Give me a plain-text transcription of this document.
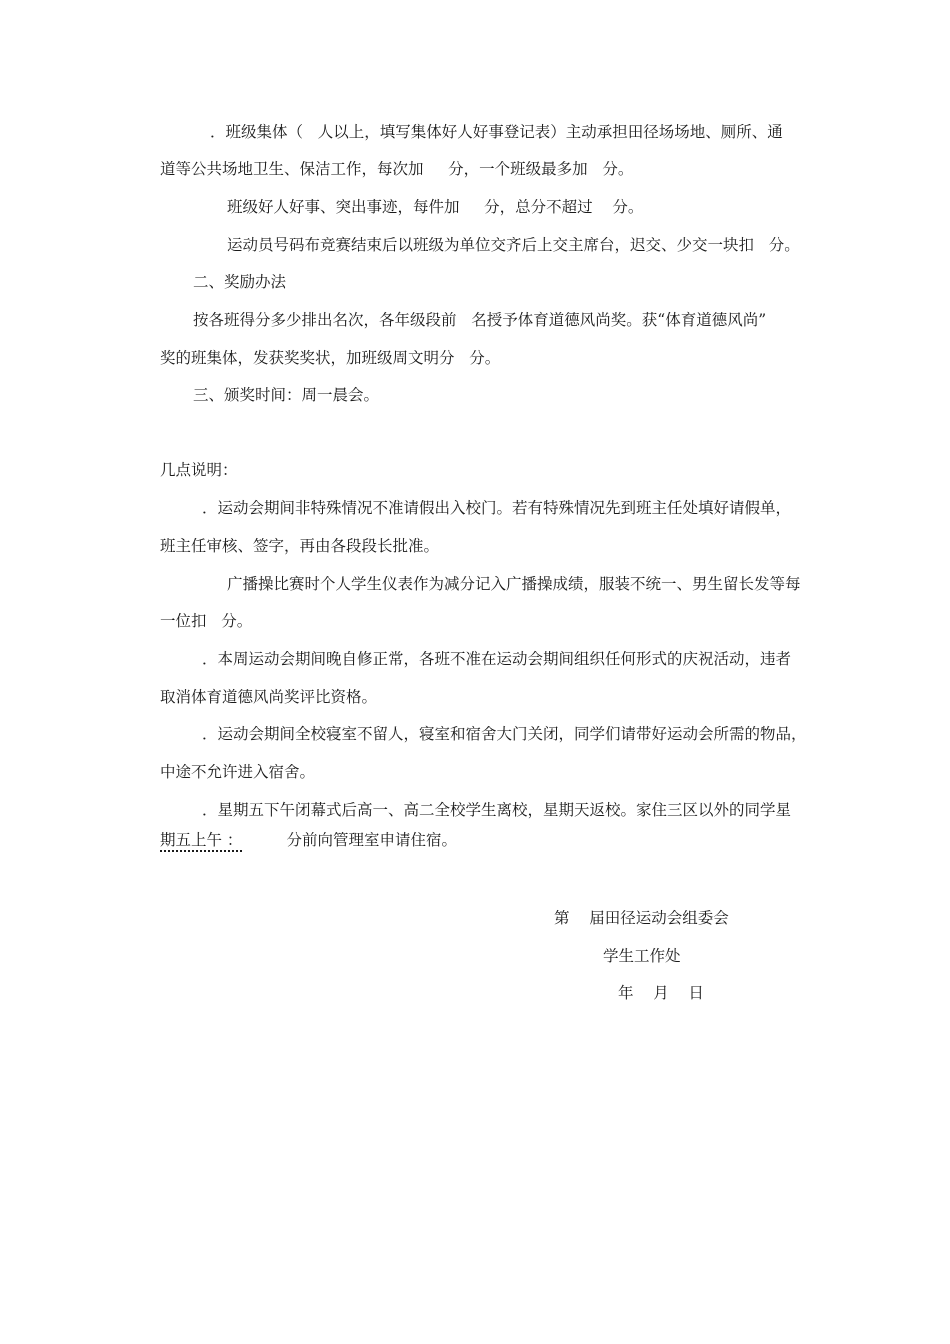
．班级集体（   人以上，填写集体好人好事登记表）主动承担田径场场地、厕所、通
道等公共场地卫生、保洁工作，每次加     分，一个班级最多加   分。
班级好人好事、突出事迹，每件加     分，总分不超过    分。
运动员号码布竞赛结束后以班级为单位交齐后上交主席台，迟交、少交一块扣   分。
二、奖励办法
按各班得分多少排出名次，各年级段前   名授予体育道德风尚奖。获“体育道德风尚”
奖的班集体，发获奖奖状，加班级周文明分   分。
三、颁奖时间：周一晨会。
几点说明：
．运动会期间非特殊情况不准请假出入校门。若有特殊情况先到班主任处填好请假单，
班主任审核、签字，再由各段段长批准。
广播操比赛时个人学生仪表作为减分记入广播操成绩，服装不统一、男生留长发等每
一位扣   分。
．本周运动会期间晚自修正常，各班不准在运动会期间组织任何形式的庆祝活动，违者
取消体育道德风尚奖评比资格。
．运动会期间全校寝室不留人，寝室和宿舍大门关闭，同学们请带好运动会所需的物品，
中途不允许进入宿舍。
．星期五下午闭幕式后高一、高二全校学生离校，星期天返校。家住三区以外的同学星
期五上午 ：	分前向管理室申请住宿。
第    届田径运动会组委会
学生工作处
年    月    日
